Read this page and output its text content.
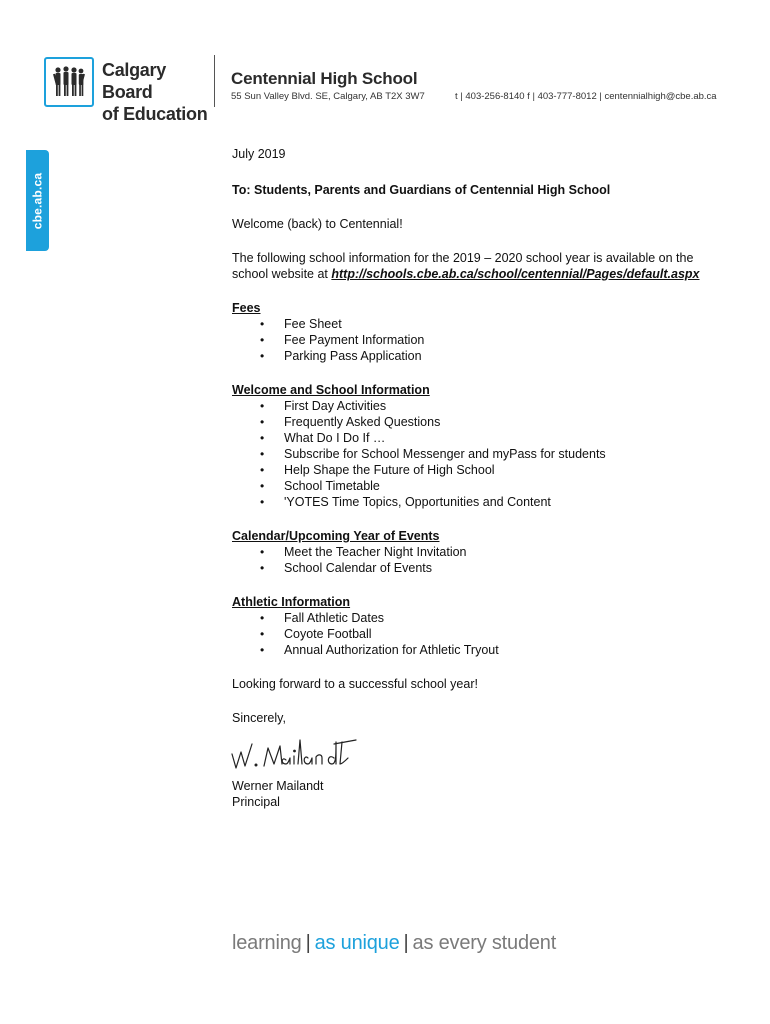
Calgary Board
of Education
Centennial High School
55 Sun Valley Blvd. SE, Calgary, AB T2X 3W7	t | 403-256-8140 f | 403-777-8012 | centennialhigh@cbe.ab.ca
cbe.ab.ca

July 2019

To: Students, Parents and Guardians of Centennial High School

Welcome (back) to Centennial!

The following school information for the 2019 – 2020 school year is available on the school website at http://schools.cbe.ab.ca/school/centennial/Pages/default.aspx

Fees

• Fee Sheet
• Fee Payment Information
• Parking Pass Application

Welcome and School Information

• First Day Activities
• Frequently Asked Questions
• What Do I Do If …
• Subscribe for School Messenger and myPass for students
• Help Shape the Future of High School
• School Timetable
• 'YOTES Time Topics, Opportunities and Content

Calendar/Upcoming Year of Events

• Meet the Teacher Night Invitation
• School Calendar of Events

Athletic Information

• Fall Athletic Dates
• Coyote Football
• Annual Authorization for Athletic Tryout

Looking forward to a successful school year!

Sincerely,

Werner Mailandt

Principal

learning | as unique | as every student
